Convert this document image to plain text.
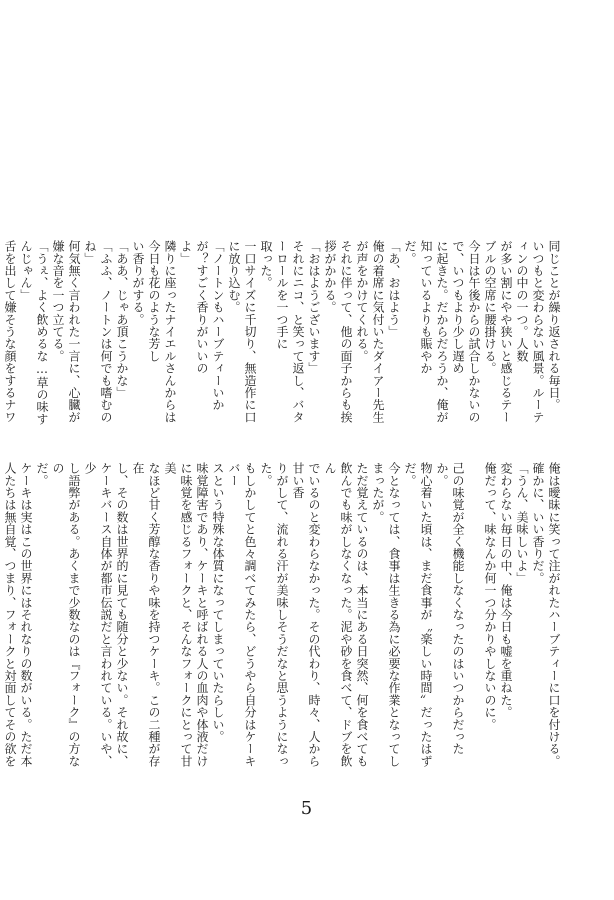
同じことが繰り返される毎日。
いつもと変わらない風景。ルーティンの中の一つ。人数
が多い割にやや狭いと感じるテーブルの空席に腰掛ける。
今日は午後からの試合しかないので、いつもより少し遅め
に起きた。だからだろうか、俺が知っているよりも賑やか
だ。
「あ、おはよう」
俺の着席に気付いたダイアー先生が声をかけてくれる。
それに伴って、他の面子からも挨拶がかかる。
「おはようございます」
それにニコ、と笑って返し、バターロールを一つ手に
取った。
一口サイズに千切り、無造作に口に放り込む。
「ノートンもハーブティーいかが？すごく香りがいいの
よ」
隣りに座ったナイエルさんからは今日も花のような芳し
い香りがする。
「ああ、じゃあ頂こうかな」
「ふふ、ノートンは何でも嗜むのね」
何気無く言われた一言に、心臓が嫌な音を一つ立てる。
「うぇ、よく飲めるな…草の味すんじゃん」
舌を出して嫌そうな顔をするナワ
俺は曖昧に笑って注がれたハーブティーに口を付ける。
確かに、いい香りだ。
「うん、美味しいよ」
変わらない毎日の中、俺は今日も嘘を重ねた。
俺だって、味なんか何一つ分かりやしないのに。

己の味覚が全く機能しなくなったのはいつからだったか。
物心着いた頃は、まだ食事が〝楽しい時間〟だったはずだ。
今となっては、食事は生きる為に必要な作業となってし
まったが。
ただ覚えているのは、本当にある日突然、何を食べても
飲んでも味がしなくなった。泥や砂を食べて、ドブを飲ん
でいるのと変わらなかった。その代わり、時々、人から甘い香
りがして、流れる汗が美味しそうだなと思うようになった。
もしかしてと色々調べてみたら、どうやら自分はケーキバー
スという特殊な体質になってしまっていたらしい。
味覚障害であり、ケーキと呼ばれる人の血肉や体液だけ
に味覚を感じるフォークと、そんなフォークにとって甘美
なほど甘く芳醇な香りや味を持つケーキ。この二種が存在
し、その数は世界的に見ても随分と少ない。それ故に、
ケーキバース自体が都市伝説だと言われている。いや、少
し語弊がある。あくまで少数なのは『フォーク』の方なの
だ。
ケーキは実はこの世界にはそれなりの数がいる。ただ本
人たちは無自覚、つまり、フォークと対面してその欲を
5
